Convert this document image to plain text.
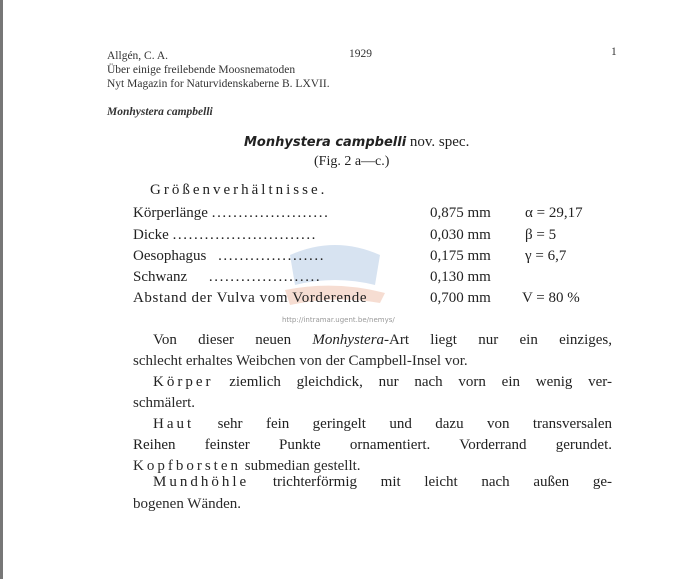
Allgén, C. A.	1929	1
Über einige freilebende Moosnematoden
Nyt Magazin for Naturvidenskaberne B. LXVII.
Monhystera campbelli
http://intramar.ugent.be/nemys/
Monhystera campbelli nov. spec.
(Fig. 2 a—c.)
Größenverhältnisse.
Körperlänge ......................
Dicke ...........................
Oesophagus ....................
Schwanz .....................
Abstand der Vulva vom Vorderende
0,875 mm
0,030 mm
0,175 mm
0,130 mm
0,700 mm
α = 29,17
β = 5
γ = 6,7
V = 80 %
Von dieser neuen Monhystera-Art liegt nur ein einziges,
schlecht erhaltes Weibchen von der Campbell-Insel vor.
Körper ziemlich gleichdick, nur nach vorn ein wenig ver-
schmälert.
Haut sehr fein geringelt und dazu von transversalen
Reihen feinster Punkte ornamentiert. Vorderrand gerundet.
Kopfborsten submedian gestellt.
Mundhöhle trichterförmig mit leicht nach außen ge-
bogenen Wänden.
